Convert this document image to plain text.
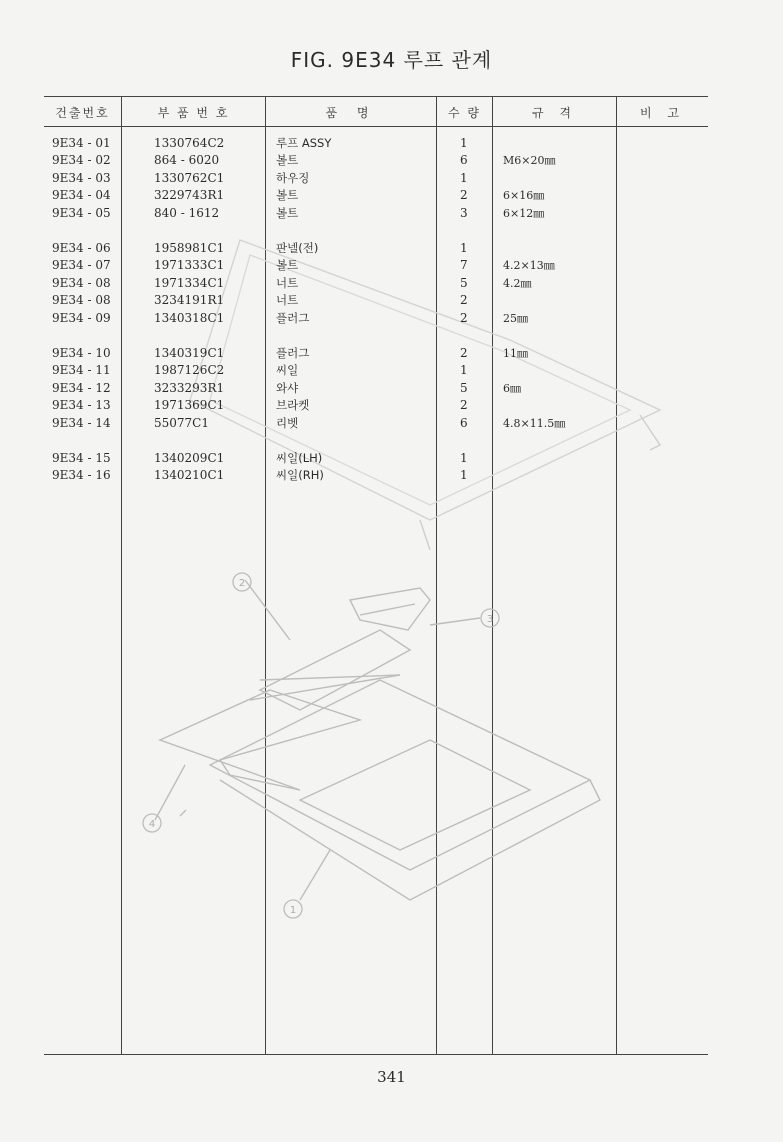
FIG. 9E34 루프 관계
건출번호	부 품 번 호	품 명	수 량	규 격	비 고
4
1
3
2
9E34 - 01	1330764C2	루프 ASSY	1
9E34 - 02	864 - 6020	볼트	6	M6×20㎜
9E34 - 03	1330762C1	하우징	1
9E34 - 04	3229743R1	볼트	2	6×16㎜
9E34 - 05	840 - 1612	볼트	3	6×12㎜
9E34 - 06	1958981C1	판넬(전)	1
9E34 - 07	1971333C1	볼트	7	4.2×13㎜
9E34 - 08	1971334C1	너트	5	4.2㎜
9E34 - 08	3234191R1	너트	2
9E34 - 09	1340318C1	플러그	2	25㎜
9E34 - 10	1340319C1	플러그	2	11㎜
9E34 - 11	1987126C2	씨일	1
9E34 - 12	3233293R1	와샤	5	6㎜
9E34 - 13	1971369C1	브라켓	2
9E34 - 14	55077C1	리벳	6	4.8×11.5㎜
9E34 - 15	1340209C1	씨일(LH)	1
9E34 - 16	1340210C1	씨일(RH)	1
341
